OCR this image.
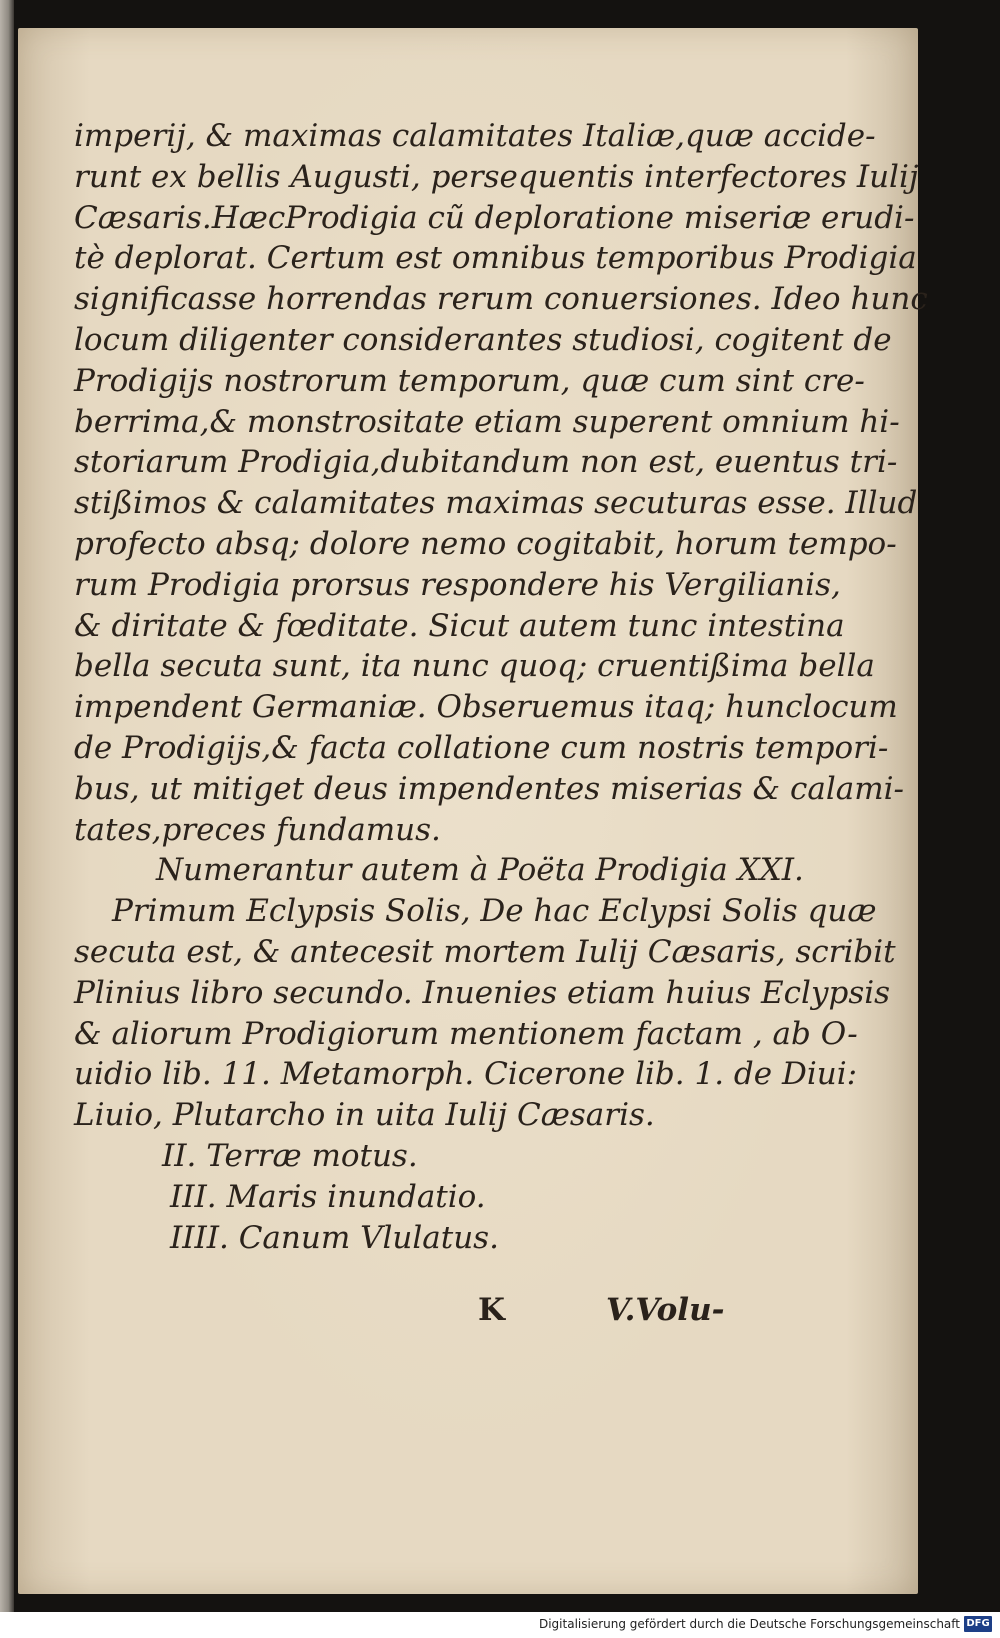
imperij, & maximas calamitates Italiæ,quæ accide-
runt ex bellis Augusti, persequentis interfectores Iulij
Cæsaris.HæcProdigia cũ deploratione miseriæ erudi-
tè deplorat. Certum est omnibus temporibus Prodigia
significasse horrendas rerum conuersiones. Ideo hunc
locum diligenter considerantes studiosi, cogitent de
Prodigijs nostrorum temporum, quæ cum sint cre-
berrima,& monstrositate etiam superent omnium hi-
storiarum Prodigia,dubitandum non est, euentus tri-
stißimos & calamitates maximas secuturas esse. Illud
profecto absq; dolore nemo cogitabit, horum tempo-
rum Prodigia prorsus respondere his Vergilianis,
& diritate & fœditate. Sicut autem tunc intestina
bella secuta sunt, ita nunc quoq; cruentißima bella
impendent Germaniæ. Obseruemus itaq; hunclocum
de Prodigijs,& facta collatione cum nostris tempori-
bus, ut mitiget deus impendentes miserias & calami-
tates,preces fundamus.
Numerantur autem à Poëta Prodigia XXI.
Primum Eclypsis Solis, De hac Eclypsi Solis quæ
secuta est, & antecesit mortem Iulij Cæsaris, scribit
Plinius libro secundo. Inuenies etiam huius Eclypsis
& aliorum Prodigiorum mentionem factam , ab O-
uidio lib. 11. Metamorph. Cicerone lib. 1. de Diui:
Liuio, Plutarcho in uita Iulij Cæsaris.
II. Terræ motus.
III. Maris inundatio.
IIII. Canum Vlulatus.
K	V.Volu-
Digitalisierung gefördert durch die Deutsche Forschungsgemeinschaft DFG
